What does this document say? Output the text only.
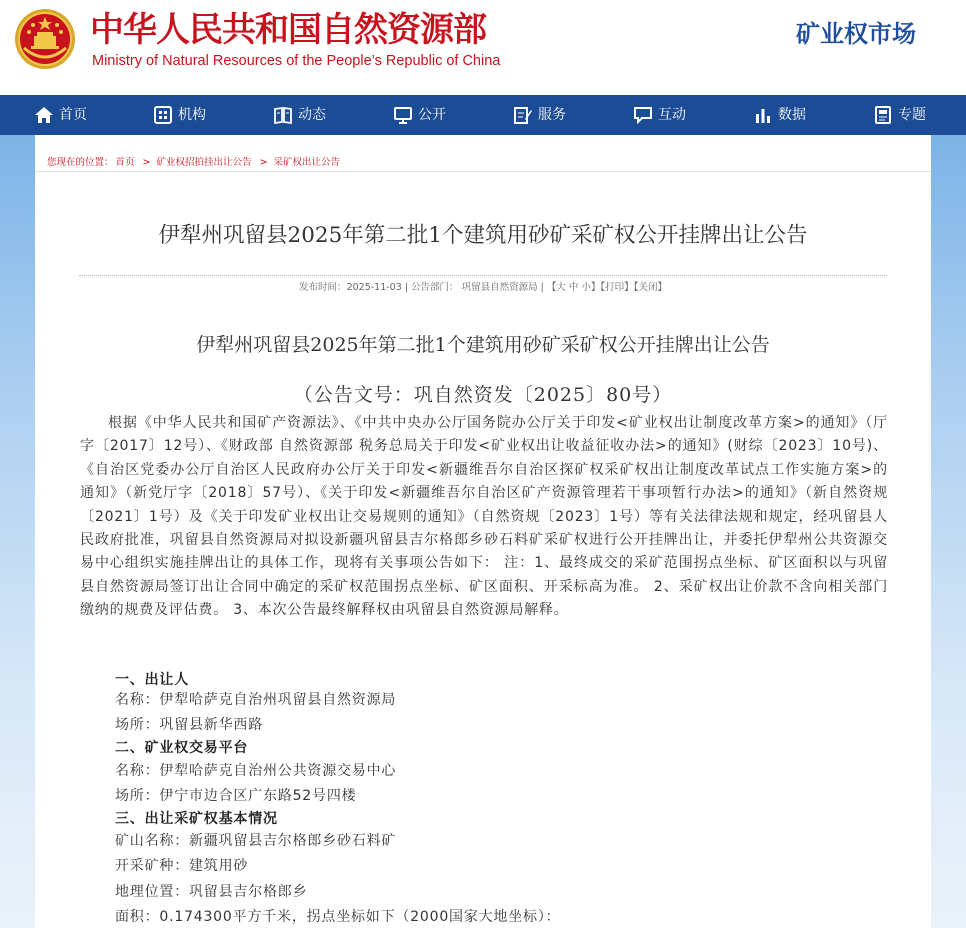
中华人民共和国自然资源部
Ministry of Natural Resources of the People’s Republic of China
矿业权市场
首页	机构	动态	公开	服务	互动	数据	专题
您现在的位置： 首页 > 矿业权招拍挂出让公告 > 采矿权出让公告
伊犁州巩留县2025年第二批1个建筑用砂矿采矿权公开挂牌出让公告
发布时间：2025-11-03 | 公告部门： 巩留县自然资源局 | 【大 中 小】【打印】【关闭】
伊犁州巩留县2025年第二批1个建筑用砂矿采矿权公开挂牌出让公告
（公告文号：巩自然资发〔2025〕80号）
根据《中华人民共和国矿产资源法》、《中共中央办公厅国务院办公厅关于印发<矿业权出让制度改革方案>的通知》（厅字〔2017〕12号）、《财政部 自然资源部 税务总局关于印发<矿业权出让收益征收办法>的通知》(财综〔2023〕10号)、《自治区党委办公厅自治区人民政府办公厅关于印发<新疆维吾尔自治区探矿权采矿权出让制度改革试点工作实施方案>的通知》（新党厅字〔2018〕57号）、《关于印发<新疆维吾尔自治区矿产资源管理若干事项暂行办法>的通知》（新自然资规〔2021〕1号）及《关于印发矿业权出让交易规则的通知》（自然资规〔2023〕1号）等有关法律法规和规定，经巩留县人民政府批准，巩留县自然资源局对拟设新疆巩留县吉尔格郎乡砂石料矿采矿权进行公开挂牌出让，并委托伊犁州公共资源交易中心组织实施挂牌出让的具体工作，现将有关事项公告如下： 注：1、最终成交的采矿范围拐点坐标、矿区面积以与巩留县自然资源局签订出让合同中确定的采矿权范围拐点坐标、矿区面积、开采标高为准。 2、采矿权出让价款不含向相关部门缴纳的规费及评估费。 3、本次公告最终解释权由巩留县自然资源局解释。
一、出让人
名称：伊犁哈萨克自治州巩留县自然资源局
场所：巩留县新华西路
二、矿业权交易平台
名称：伊犁哈萨克自治州公共资源交易中心
场所：伊宁市边合区广东路52号四楼
三、出让采矿权基本情况
矿山名称：新疆巩留县吉尔格郎乡砂石料矿
开采矿种：建筑用砂
地理位置：巩留县吉尔格郎乡
面积：0.174300平方千米，拐点坐标如下（2000国家大地坐标）：
